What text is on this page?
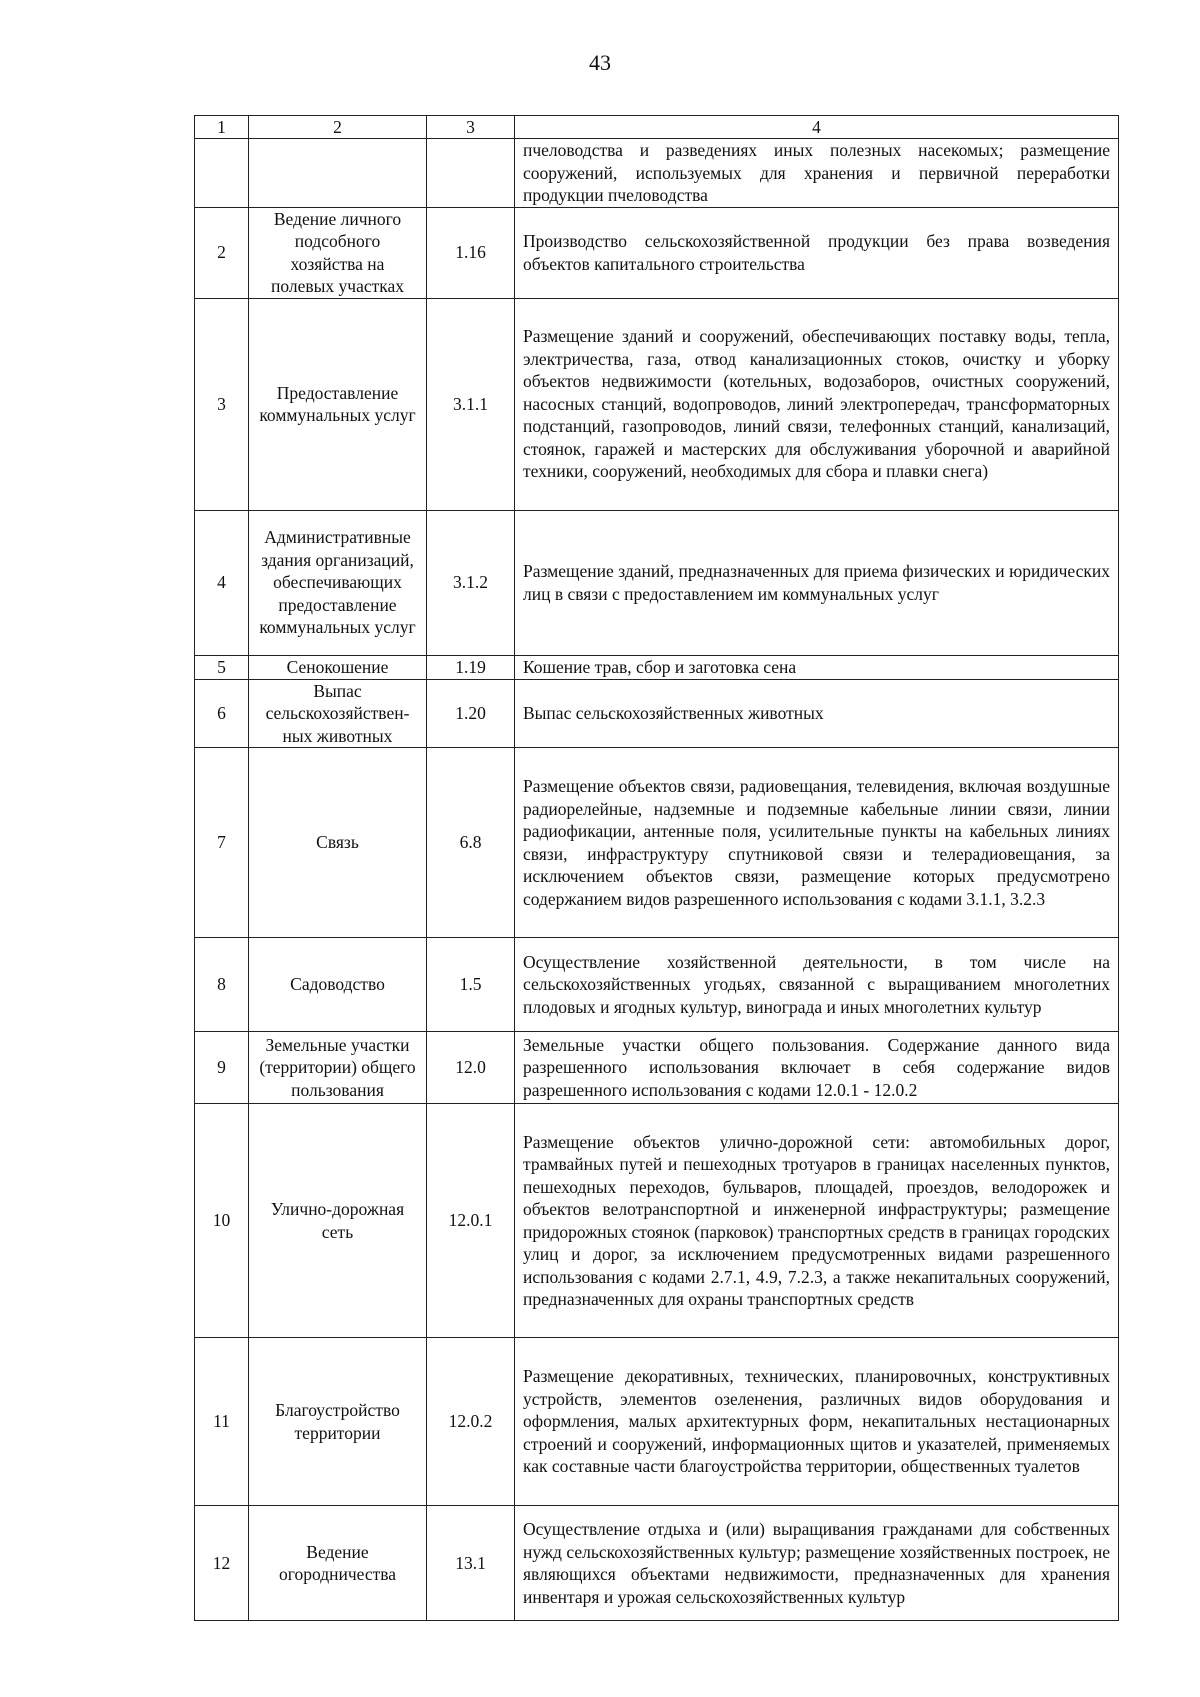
43
1	2	3	4
			пчеловодства и разведениях иных полезных насекомых; размещение сооружений, используемых для хранения и первичной переработки продукции пчеловодства
2	Ведение личного подсобного хозяйства на полевых участках	1.16	Производство сельскохозяйственной продукции без права возведения объектов капитального строительства
3	Предоставление коммунальных услуг	3.1.1	Размещение зданий и сооружений, обеспечивающих поставку воды, тепла, электричества, газа, отвод канализационных стоков, очистку и уборку объектов недвижимости (котельных, водозаборов, очистных сооружений, насосных станций, водопроводов, линий электропередач, трансформаторных подстанций, газопроводов, линий связи, телефонных станций, канализаций, стоянок, гаражей и мастерских для обслуживания уборочной и аварийной техники, сооружений, необходимых для сбора и плавки снега)
4	Административные здания организаций, обеспечивающих предоставление коммунальных услуг	3.1.2	Размещение зданий, предназначенных для приема физических и юридических лиц в связи с предоставлением им коммунальных услуг
5	Сенокошение	1.19	Кошение трав, сбор и заготовка сена
6	Выпас сельскохозяйствен-ных животных	1.20	Выпас сельскохозяйственных животных
7	Связь	6.8	Размещение объектов связи, радиовещания, телевидения, включая воздушные радиорелейные, надземные и подземные кабельные линии связи, линии радиофикации, антенные поля, усилительные пункты на кабельных линиях связи, инфраструктуру спутниковой связи и телерадиовещания, за исключением объектов связи, размещение которых предусмотрено содержанием видов разрешенного использования с кодами 3.1.1, 3.2.3
8	Садоводство	1.5	Осуществление хозяйственной деятельности, в том числе на сельскохозяйственных угодьях, связанной с выращиванием многолетних плодовых и ягодных культур, винограда и иных многолетних культур
9	Земельные участки (территории) общего пользования	12.0	Земельные участки общего пользования. Содержание данного вида разрешенного использования включает в себя содержание видов разрешенного использования с кодами 12.0.1 - 12.0.2
10	Улично-дорожная сеть	12.0.1	Размещение объектов улично-дорожной сети: автомобильных дорог, трамвайных путей и пешеходных тротуаров в границах населенных пунктов, пешеходных переходов, бульваров, площадей, проездов, велодорожек и объектов велотранспортной и инженерной инфраструктуры; размещение придорожных стоянок (парковок) транспортных средств в границах городских улиц и дорог, за исключением предусмотренных видами разрешенного использования с кодами 2.7.1, 4.9, 7.2.3, а также некапитальных сооружений, предназначенных для охраны транспортных средств
11	Благоустройство территории	12.0.2	Размещение декоративных, технических, планировочных, конструктивных устройств, элементов озеленения, различных видов оборудования и оформления, малых архитектурных форм, некапитальных нестационарных строений и сооружений, информационных щитов и указателей, применяемых как составные части благоустройства территории, общественных туалетов
12	Ведение огородничества	13.1	Осуществление отдыха и (или) выращивания гражданами для собственных нужд сельскохозяйственных культур; размещение хозяйственных построек, не являющихся объектами недвижимости, предназначенных для хранения инвентаря и урожая сельскохозяйственных культур
